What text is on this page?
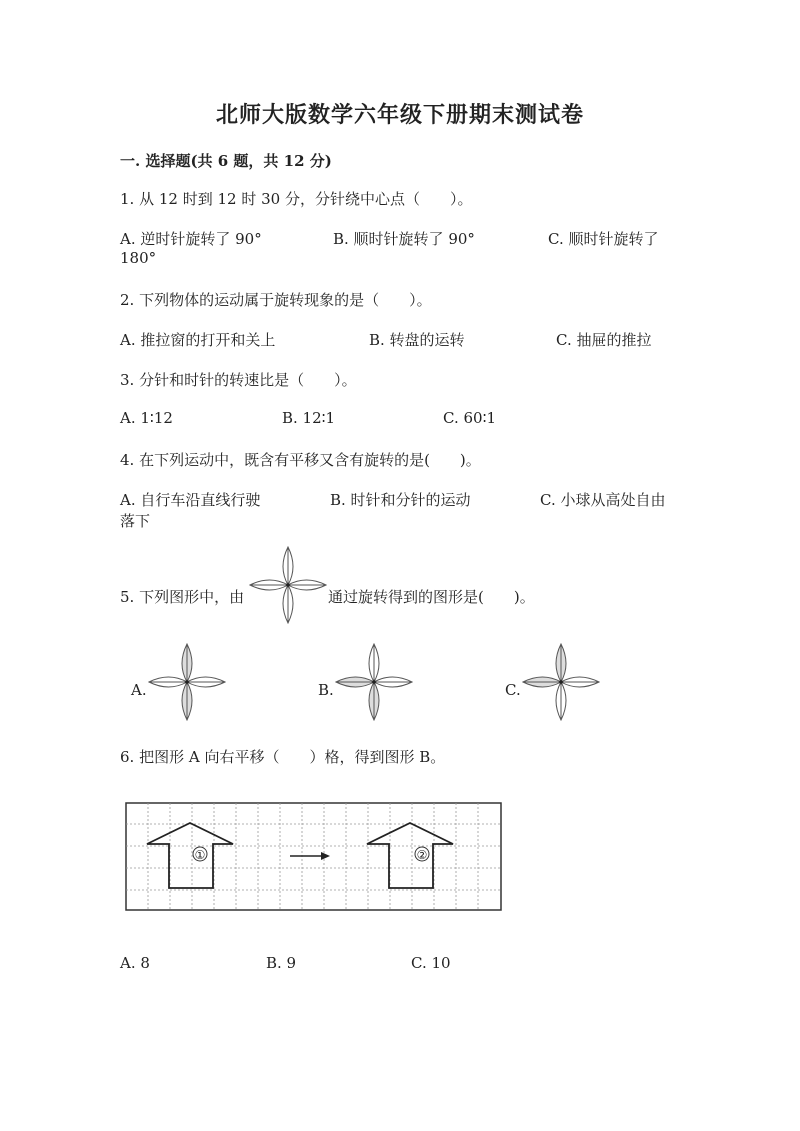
北师大版数学六年级下册期末测试卷
一. 选择题(共 6 题，共 12 分)
1. 从 12 时到 12 时 30 分，分针绕中心点（　　）。
A. 逆时针旋转了 90°	B. 顺时针旋转了 90°	C. 顺时针旋转了
180°
2. 下列物体的运动属于旋转现象的是（　　）。
A. 推拉窗的打开和关上	B. 转盘的运转	C. 抽屉的推拉
3. 分针和时针的转速比是（　　）。
A. 1∶12	B. 12∶1	C. 60∶1
4. 在下列运动中，既含有平移又含有旋转的是(　　)。
A. 自行车沿直线行驶	B. 时针和分针的运动	C. 小球从高处自由
落下
5. 下列图形中，由	通过旋转得到的图形是(　　)。
A.	B.	C.
6. 把图形 A 向右平移（　　）格，得到图形 B。
①	②
A. 8	B. 9	C. 10
